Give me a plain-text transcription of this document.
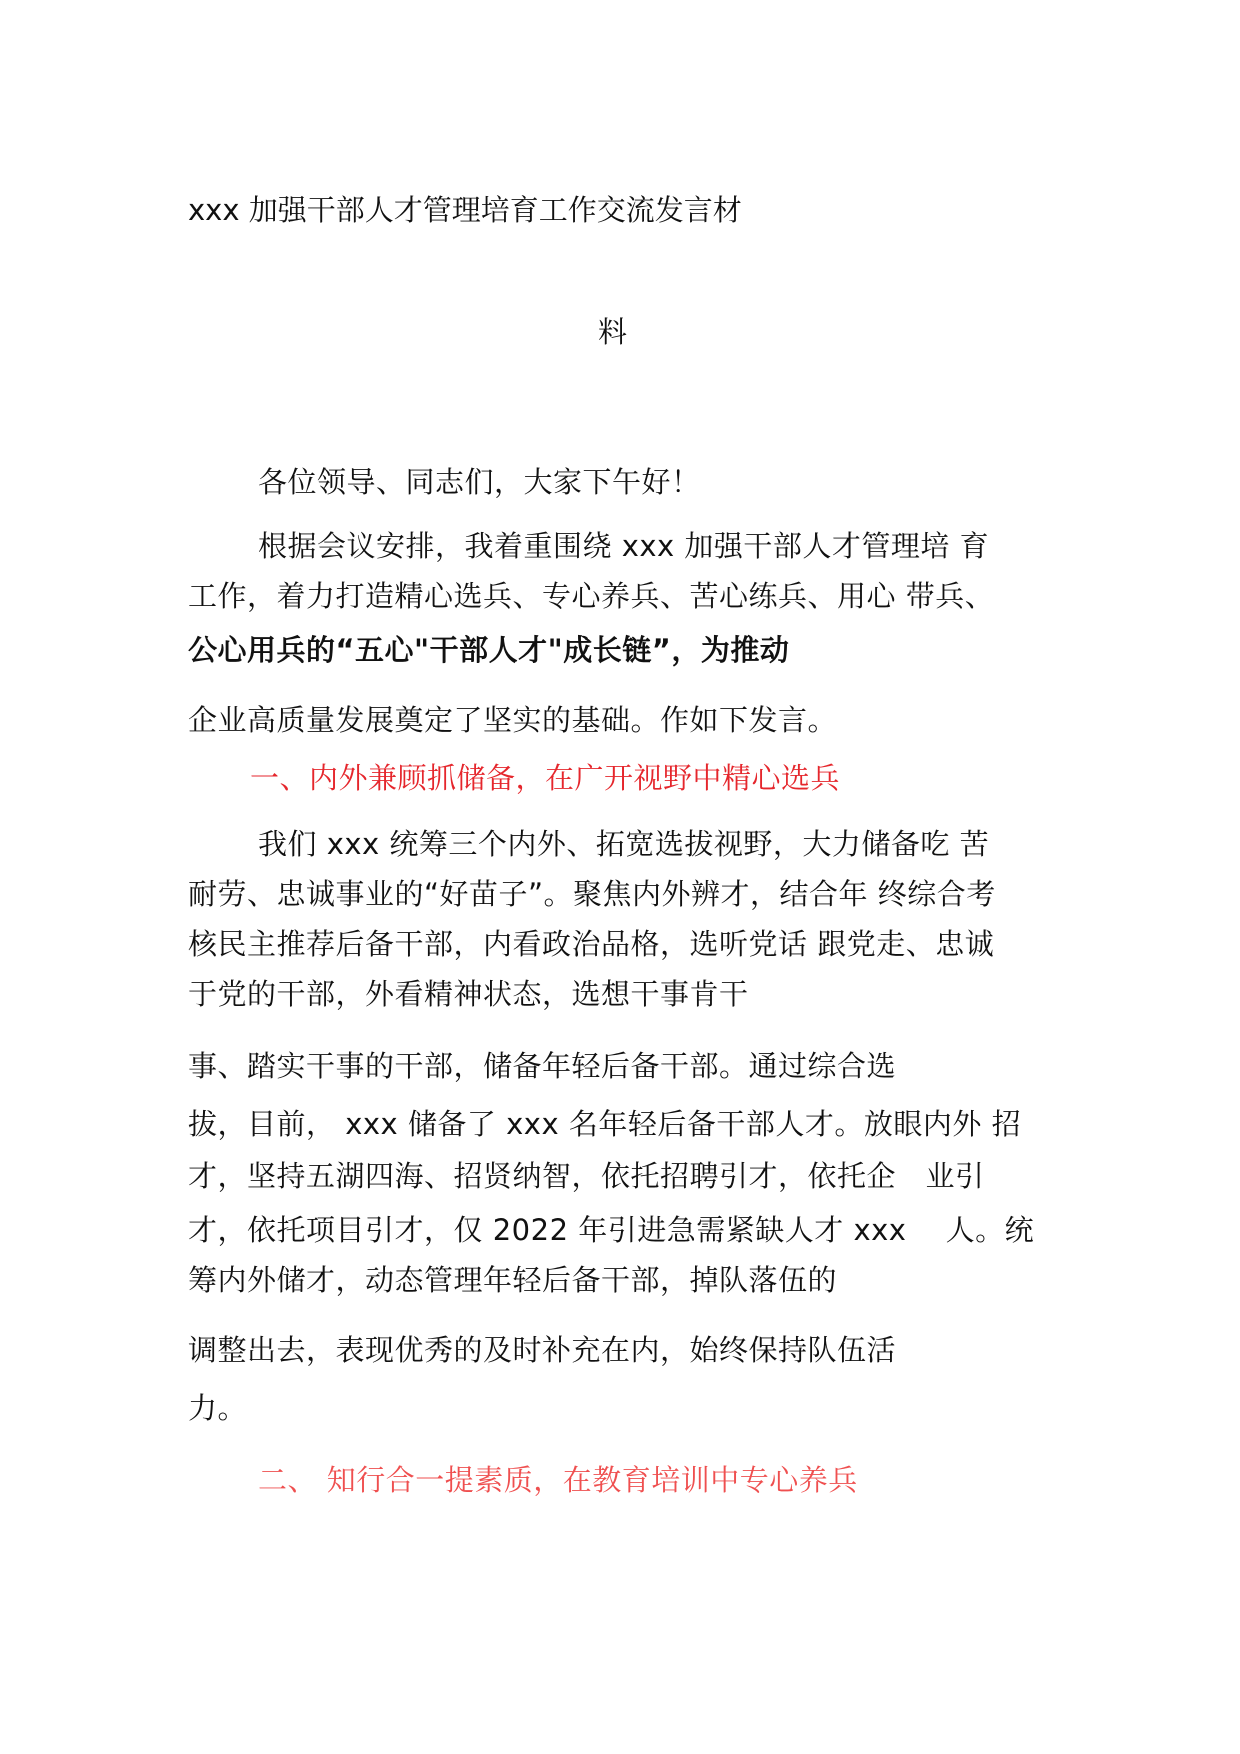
xxx 加强干部人才管理培育工作交流发言材
料
各位领导、同志们，大家下午好！
根据会议安排，我着重围绕 xxx 加强干部人才管理培 育
工作，着力打造精心选兵、专心养兵、苦心练兵、用心 带兵、
公心用兵的“五心"干部人才"成长链”，为推动
企业高质量发展奠定了坚实的基础。作如下发言。
一、内外兼顾抓储备，在广开视野中精心选兵
我们 xxx 统筹三个内外、拓宽选拔视野，大力储备吃 苦
耐劳、忠诚事业的“好苗子”。聚焦内外辨才，结合年 终综合考
核民主推荐后备干部，内看政治品格，选听党话 跟党走、忠诚
于党的干部，外看精神状态，选想干事肯干
事、踏实干事的干部，储备年轻后备干部。通过综合选
拔，目前， xxx 储备了 xxx 名年轻后备干部人才。放眼内外 招
才，坚持五湖四海、招贤纳智，依托招聘引才，依托企　业引
才，依托项目引才，仅 2022 年引进急需紧缺人才 xxx 　人。统
筹内外储才，动态管理年轻后备干部，掉队落伍的
调整出去，表现优秀的及时补充在内，始终保持队伍活
力。
二、 知行合一提素质，在教育培训中专心养兵
